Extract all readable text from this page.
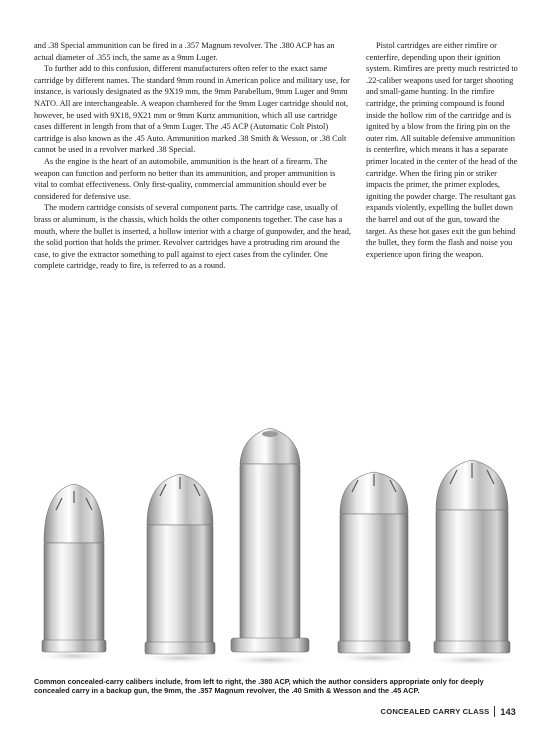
and .38 Special ammunition can be fired in a .357 Magnum revolver. The .380 ACP has an actual diameter of .355 inch, the same as a 9mm Luger.

To further add to this confusion, different manufacturers often refer to the exact same cartridge by different names. The standard 9mm round in American police and military use, for instance, is variously designated as the 9X19 mm, the 9mm Parabellum, 9mm Luger and 9mm NATO. All are interchangeable. A weapon chambered for the 9mm Luger cartridge should not, however, be used with 9X18, 9X21 mm or 9mm Kurtz ammunition, which all use cartridge cases different in length from that of a 9mm Luger. The .45 ACP (Automatic Colt Pistol) cartridge is also known as the .45 Auto. Ammunition marked .38 Smith & Wesson, or .38 Colt cannot be used in a revolver marked .38 Special.

As the engine is the heart of an automobile, ammunition is the heart of a firearm. The weapon can function and perform no better than its ammunition, and proper ammunition is vital to combat effectiveness. Only first-quality, commercial ammunition should ever be considered for defensive use.

The modern cartridge consists of several component parts. The cartridge case, usually of brass or aluminum, is the chassis, which holds the other components together. The case has a mouth, where the bullet is inserted, a hollow interior with a charge of gunpowder, and the head, the solid portion that holds the primer. Revolver cartridges have a protruding rim around the case, to give the extractor something to pull against to eject cases from the cylinder. One complete cartridge, ready to fire, is referred to as a round.

Pistol cartridges are either rimfire or centerfire, depending upon their ignition system. Rimfires are pretty much restricted to .22-caliber weapons used for target shooting and small-game hunting. In the rimfire cartridge, the priming compound is found inside the hollow rim of the cartridge and is ignited by a blow from the firing pin on the outer rim. All suitable defensive ammunition is centerfire, which means it has a separate primer located in the center of the head of the cartridge. When the firing pin or striker impacts the primer, the primer explodes, igniting the powder charge. The resultant gas expands violently, expelling the bullet down the barrel and out of the gun, toward the target. As these hot gases exit the gun behind the bullet, they form the flash and noise you experience upon firing the weapon.

Common concealed-carry calibers include, from left to right, the .380 ACP, which the author considers appropriate only for deeply concealed carry in a backup gun, the 9mm, the .357 Magnum revolver, the .40 Smith & Wesson and the .45 ACP.
CONCEALED CARRY CLASS 143
